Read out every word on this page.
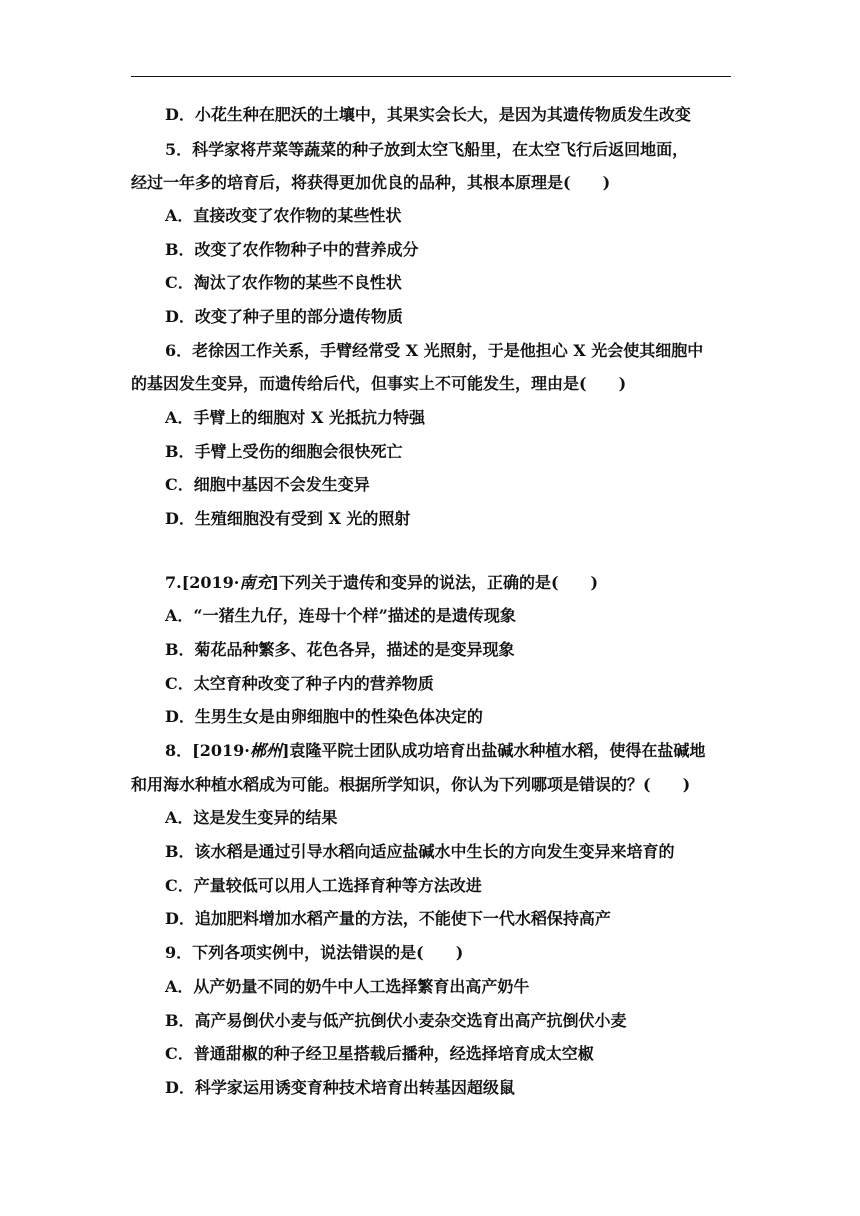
D．小花生种在肥沃的土壤中，其果实会长大，是因为其遗传物质发生改变
5．科学家将芹菜等蔬菜的种子放到太空飞船里，在太空飞行后返回地面，
经过一年多的培育后，将获得更加优良的品种，其根本原理是(　　)
A．直接改变了农作物的某些性状
B．改变了农作物种子中的营养成分
C．淘汰了农作物的某些不良性状
D．改变了种子里的部分遗传物质
6．老徐因工作关系，手臂经常受 X 光照射，于是他担心 X 光会使其细胞中
的基因发生变异，而遗传给后代，但事实上不可能发生，理由是(　　)
A．手臂上的细胞对 X 光抵抗力特强
B．手臂上受伤的细胞会很快死亡
C．细胞中基因不会发生变异
D．生殖细胞没有受到 X 光的照射
7.[2019·南充]下列关于遗传和变异的说法，正确的是(　　)
A．“一猪生九仔，连母十个样”描述的是遗传现象
B．菊花品种繁多、花色各异，描述的是变异现象
C．太空育种改变了种子内的营养物质
D．生男生女是由卵细胞中的性染色体决定的
8．[2019·郴州]袁隆平院士团队成功培育出盐碱水种植水稻，使得在盐碱地
和用海水种植水稻成为可能。根据所学知识，你认为下列哪项是错误的？(　　)
A．这是发生变异的结果
B．该水稻是通过引导水稻向适应盐碱水中生长的方向发生变异来培育的
C．产量较低可以用人工选择育种等方法改进
D．追加肥料增加水稻产量的方法，不能使下一代水稻保持高产
9．下列各项实例中，说法错误的是(　　)
A．从产奶量不同的奶牛中人工选择繁育出高产奶牛
B．高产易倒伏小麦与低产抗倒伏小麦杂交选育出高产抗倒伏小麦
C．普通甜椒的种子经卫星搭载后播种，经选择培育成太空椒
D．科学家运用诱变育种技术培育出转基因超级鼠
